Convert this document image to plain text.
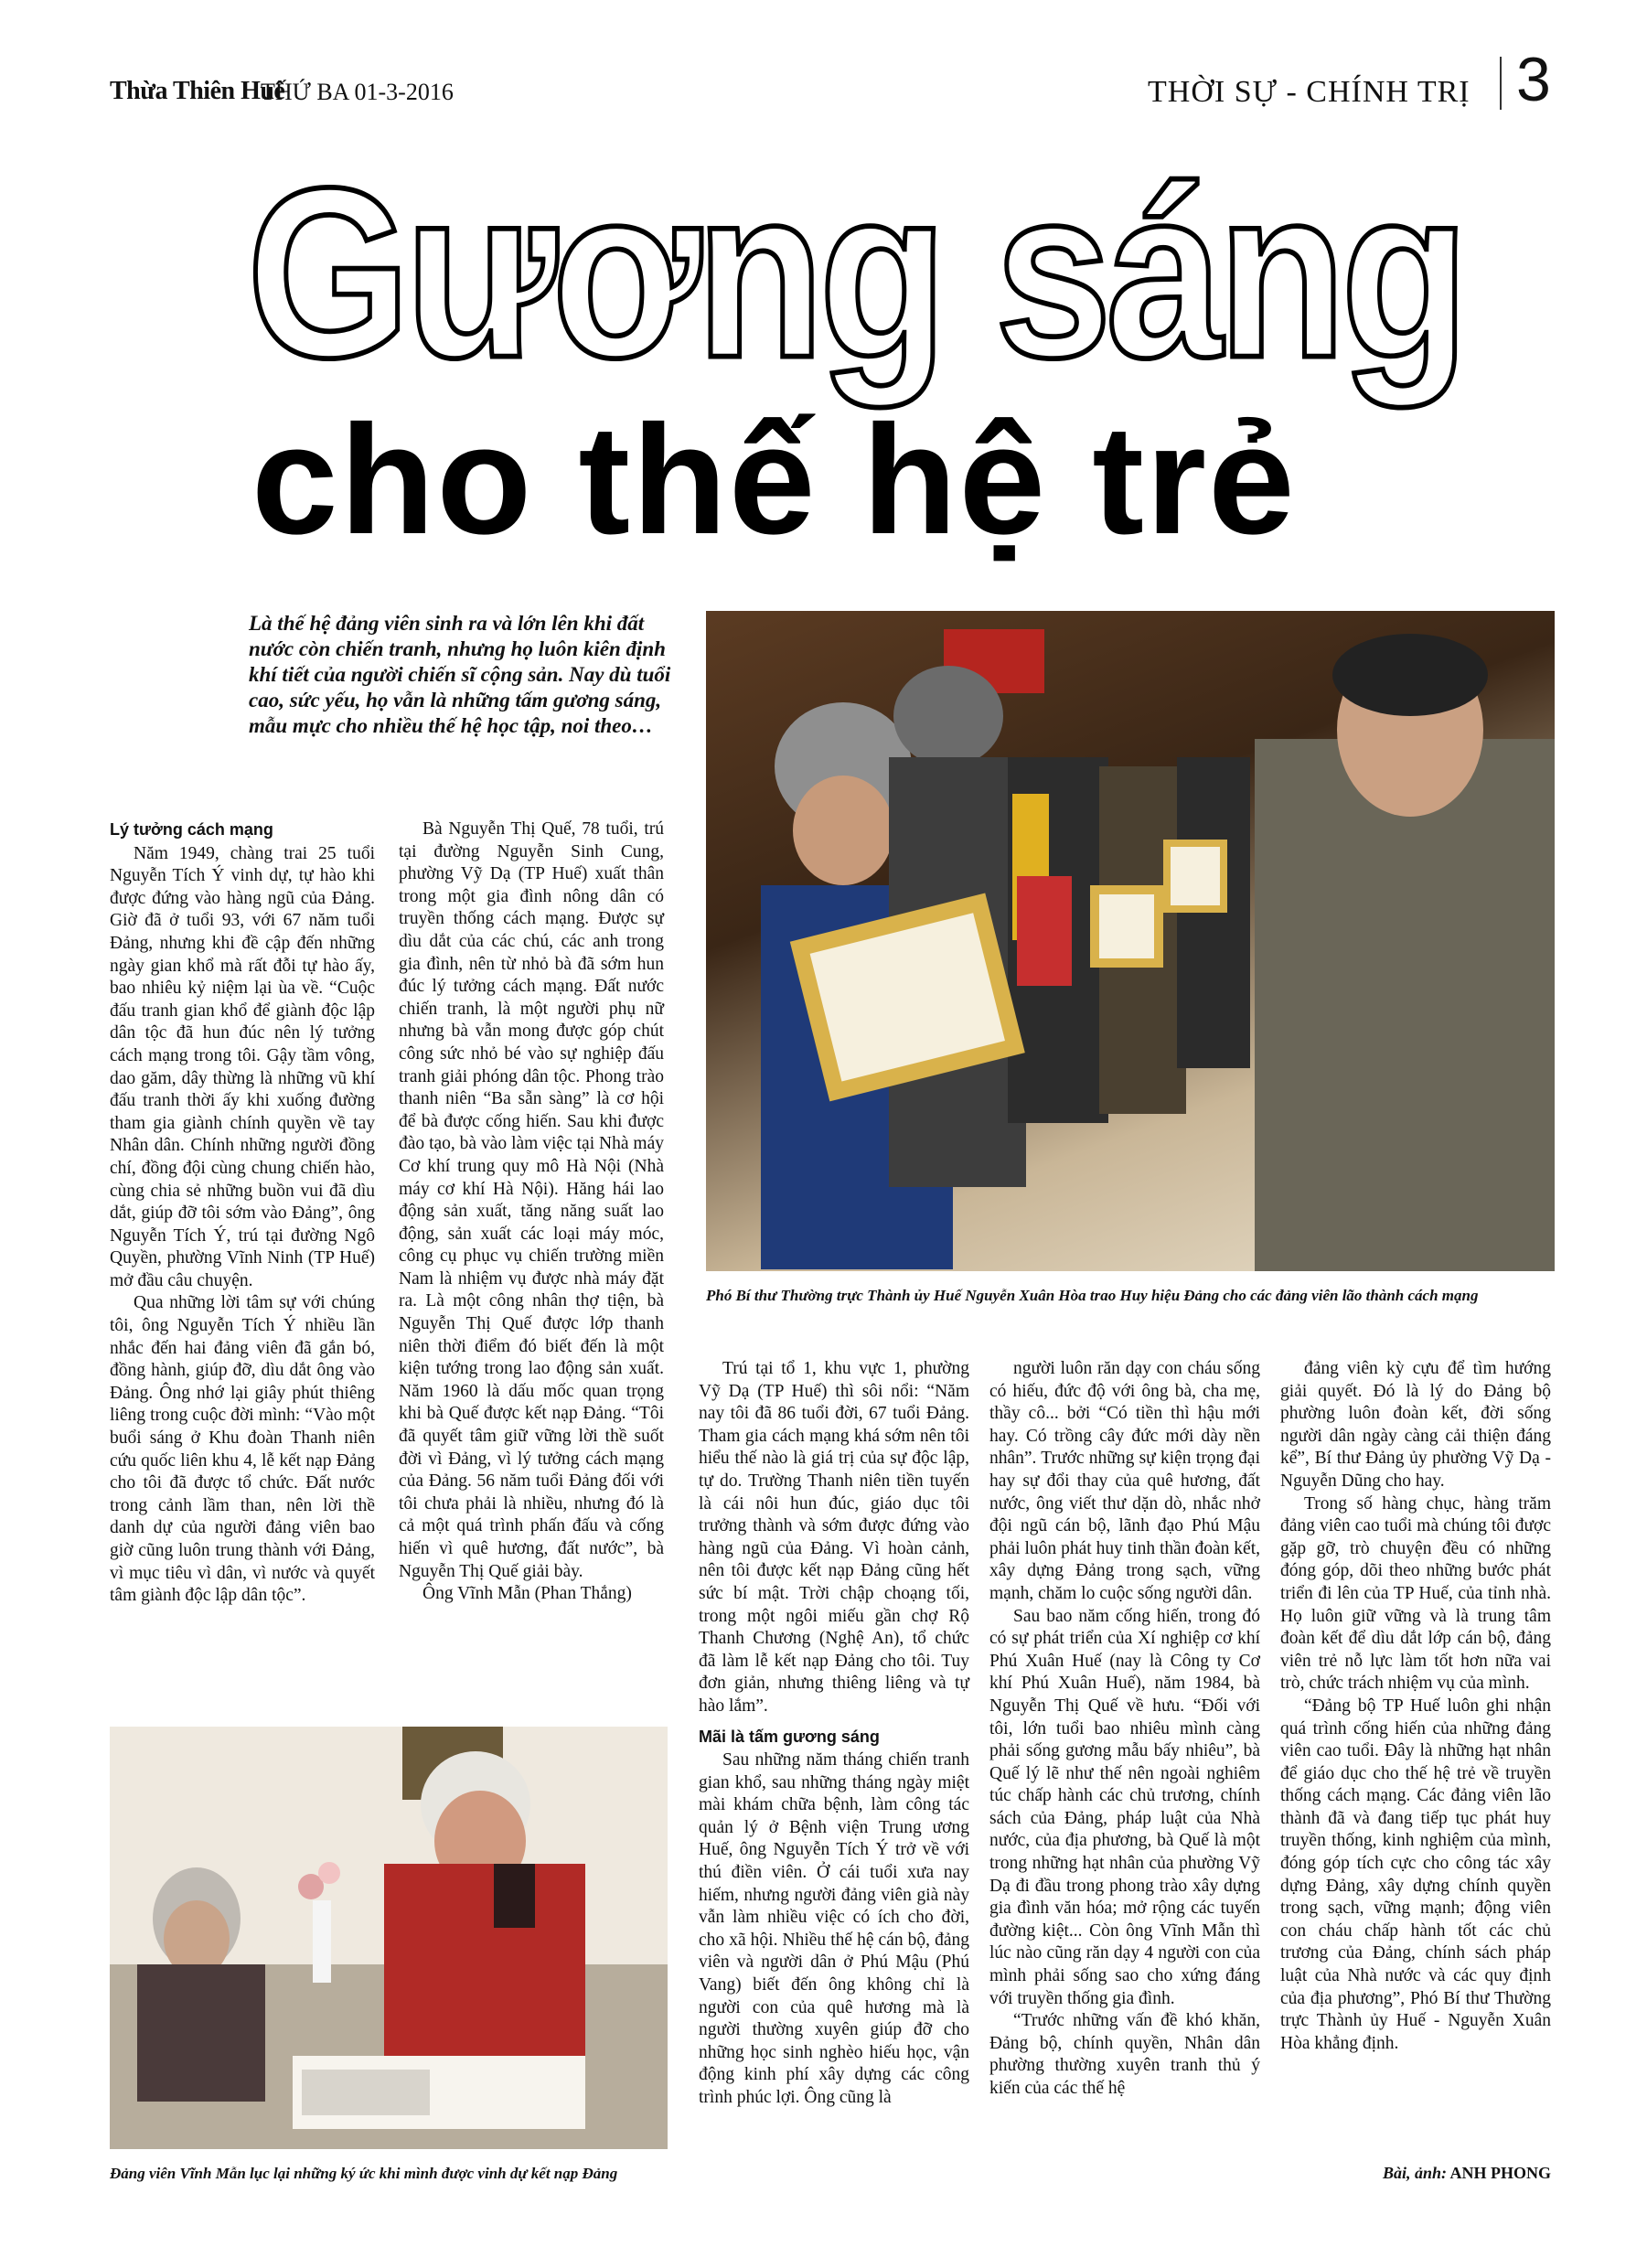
Thừa Thiên Huế
THỨ BA 01-3-2016	THỜI SỰ - CHÍNH TRỊ 3
Gương sáng
cho thế hệ trẻ
Là thế hệ đảng viên sinh ra và lớn lên khi đất nước còn chiến tranh, nhưng họ luôn kiên định khí tiết của người chiến sĩ cộng sản. Nay dù tuổi cao, sức yếu, họ vẫn là những tấm gương sáng, mẫu mực cho nhiều thế hệ học tập, noi theo…
Phó Bí thư Thường trực Thành ủy Huế Nguyễn Xuân Hòa trao Huy hiệu Đảng cho các đảng viên lão thành cách mạng
Đảng viên Vĩnh Mẫn lục lại những ký ức khi mình được vinh dự kết nạp Đảng

Lý tưởng cách mạng

Năm 1949, chàng trai 25 tuổi Nguyễn Tích Ý vinh dự, tự hào khi được đứng vào hàng ngũ của Đảng. Giờ đã ở tuổi 93, với 67 năm tuổi Đảng, nhưng khi đề cập đến những ngày gian khổ mà rất đỗi tự hào ấy, bao nhiêu kỷ niệm lại ùa về. “Cuộc đấu tranh gian khổ để giành độc lập dân tộc đã hun đúc nên lý tưởng cách mạng trong tôi. Gậy tầm vông, dao găm, dây thừng là những vũ khí đấu tranh thời ấy khi xuống đường tham gia giành chính quyền về tay Nhân dân. Chính những người đồng chí, đồng đội cùng chung chiến hào, cùng chia sẻ những buồn vui đã dìu dắt, giúp đỡ tôi sớm vào Đảng”, ông Nguyễn Tích Ý, trú tại đường Ngô Quyền, phường Vĩnh Ninh (TP Huế) mở đầu câu chuyện.

Qua những lời tâm sự với chúng tôi, ông Nguyễn Tích Ý nhiều lần nhắc đến hai đảng viên đã gắn bó, đồng hành, giúp đỡ, dìu dắt ông vào Đảng. Ông nhớ lại giây phút thiêng liêng trong cuộc đời mình: “Vào một buổi sáng ở Khu đoàn Thanh niên cứu quốc liên khu 4, lễ kết nạp Đảng cho tôi đã được tổ chức. Đất nước trong cảnh lầm than, nên lời thề danh dự của người đảng viên bao giờ cũng luôn trung thành với Đảng, vì mục tiêu vì dân, vì nước và quyết tâm giành độc lập dân tộc”.

Bà Nguyễn Thị Quế, 78 tuổi, trú tại đường Nguyễn Sinh Cung, phường Vỹ Dạ (TP Huế) xuất thân trong một gia đình nông dân có truyền thống cách mạng. Được sự dìu dắt của các chú, các anh trong gia đình, nên từ nhỏ bà đã sớm hun đúc lý tưởng cách mạng. Đất nước chiến tranh, là một người phụ nữ nhưng bà vẫn mong được góp chút công sức nhỏ bé vào sự nghiệp đấu tranh giải phóng dân tộc. Phong trào thanh niên “Ba sẵn sàng” là cơ hội để bà được cống hiến. Sau khi được đào tạo, bà vào làm việc tại Nhà máy Cơ khí trung quy mô Hà Nội (Nhà máy cơ khí Hà Nội). Hăng hái lao động sản xuất, tăng năng suất lao động, sản xuất các loại máy móc, công cụ phục vụ chiến trường miền Nam là nhiệm vụ được nhà máy đặt ra. Là một công nhân thợ tiện, bà Nguyễn Thị Quế được lớp thanh niên thời điểm đó biết đến là một kiện tướng trong lao động sản xuất. Năm 1960 là dấu mốc quan trọng khi bà Quế được kết nạp Đảng. “Tôi đã quyết tâm giữ vững lời thề suốt đời vì Đảng, vì lý tưởng cách mạng của Đảng. 56 năm tuổi Đảng đối với tôi chưa phải là nhiều, nhưng đó là cả một quá trình phấn đấu và cống hiến vì quê hương, đất nước”, bà Nguyễn Thị Quế giải bày.

Ông Vĩnh Mẫn (Phan Thắng)

Trú tại tổ 1, khu vực 1, phường Vỹ Dạ (TP Huế) thì sôi nổi: “Năm nay tôi đã 86 tuổi đời, 67 tuổi Đảng. Tham gia cách mạng khá sớm nên tôi hiểu thế nào là giá trị của sự độc lập, tự do. Trường Thanh niên tiền tuyến là cái nôi hun đúc, giáo dục tôi trưởng thành và sớm được đứng vào hàng ngũ của Đảng. Vì hoàn cảnh, nên tôi được kết nạp Đảng cũng hết sức bí mật. Trời chập choạng tối, trong một ngôi miếu gần chợ Rộ Thanh Chương (Nghệ An), tổ chức đã làm lễ kết nạp Đảng cho tôi. Tuy đơn giản, nhưng thiêng liêng và tự hào lắm”.

Mãi là tấm gương sáng

Sau những năm tháng chiến tranh gian khổ, sau những tháng ngày miệt mài khám chữa bệnh, làm công tác quản lý ở Bệnh viện Trung ương Huế, ông Nguyễn Tích Ý trở về với thú điền viên. Ở cái tuổi xưa nay hiếm, nhưng người đảng viên già này vẫn làm nhiều việc có ích cho đời, cho xã hội. Nhiều thế hệ cán bộ, đảng viên và người dân ở Phú Mậu (Phú Vang) biết đến ông không chỉ là người con của quê hương mà là người thường xuyên giúp đỡ cho những học sinh nghèo hiếu học, vận động kinh phí xây dựng các công trình phúc lợi. Ông cũng là

người luôn răn dạy con cháu sống có hiếu, đức độ với ông bà, cha mẹ, thầy cô... bởi “Có tiền thì hậu mới hay. Có trồng cây đức mới dày nền nhân”. Trước những sự kiện trọng đại hay sự đổi thay của quê hương, đất nước, ông viết thư dặn dò, nhắc nhở đội ngũ cán bộ, lãnh đạo Phú Mậu phải luôn phát huy tinh thần đoàn kết, xây dựng Đảng trong sạch, vững mạnh, chăm lo cuộc sống người dân.

Sau bao năm cống hiến, trong đó có sự phát triển của Xí nghiệp cơ khí Phú Xuân Huế (nay là Công ty Cơ khí Phú Xuân Huế), năm 1984, bà Nguyễn Thị Quế về hưu. “Đối với tôi, lớn tuổi bao nhiêu mình càng phải sống gương mẫu bấy nhiêu”, bà Quế lý lẽ như thế nên ngoài nghiêm túc chấp hành các chủ trương, chính sách của Đảng, pháp luật của Nhà nước, của địa phương, bà Quế là một trong những hạt nhân của phường Vỹ Dạ đi đầu trong phong trào xây dựng gia đình văn hóa; mở rộng các tuyến đường kiệt... Còn ông Vĩnh Mẫn thì lúc nào cũng răn dạy 4 người con của mình phải sống sao cho xứng đáng với truyền thống gia đình.

“Trước những vấn đề khó khăn, Đảng bộ, chính quyền, Nhân dân phường thường xuyên tranh thủ ý kiến của các thế hệ

đảng viên kỳ cựu để tìm hướng giải quyết. Đó là lý do Đảng bộ phường luôn đoàn kết, đời sống người dân ngày càng cải thiện đáng kể”, Bí thư Đảng ủy phường Vỹ Dạ - Nguyễn Dũng cho hay.

Trong số hàng chục, hàng trăm đảng viên cao tuổi mà chúng tôi được gặp gỡ, trò chuyện đều có những đóng góp, dõi theo những bước phát triển đi lên của TP Huế, của tỉnh nhà. Họ luôn giữ vững và là trung tâm đoàn kết để dìu dắt lớp cán bộ, đảng viên trẻ nỗ lực làm tốt hơn nữa vai trò, chức trách nhiệm vụ của mình.

“Đảng bộ TP Huế luôn ghi nhận quá trình cống hiến của những đảng viên cao tuổi. Đây là những hạt nhân để giáo dục cho thế hệ trẻ về truyền thống cách mạng. Các đảng viên lão thành đã và đang tiếp tục phát huy truyền thống, kinh nghiệm của mình, đóng góp tích cực cho công tác xây dựng Đảng, xây dựng chính quyền trong sạch, vững mạnh; động viên con cháu chấp hành tốt các chủ trương của Đảng, chính sách pháp luật của Nhà nước và các quy định của địa phương”, Phó Bí thư Thường trực Thành ủy Huế - Nguyễn Xuân Hòa khẳng định.

Bài, ảnh: ANH PHONG
